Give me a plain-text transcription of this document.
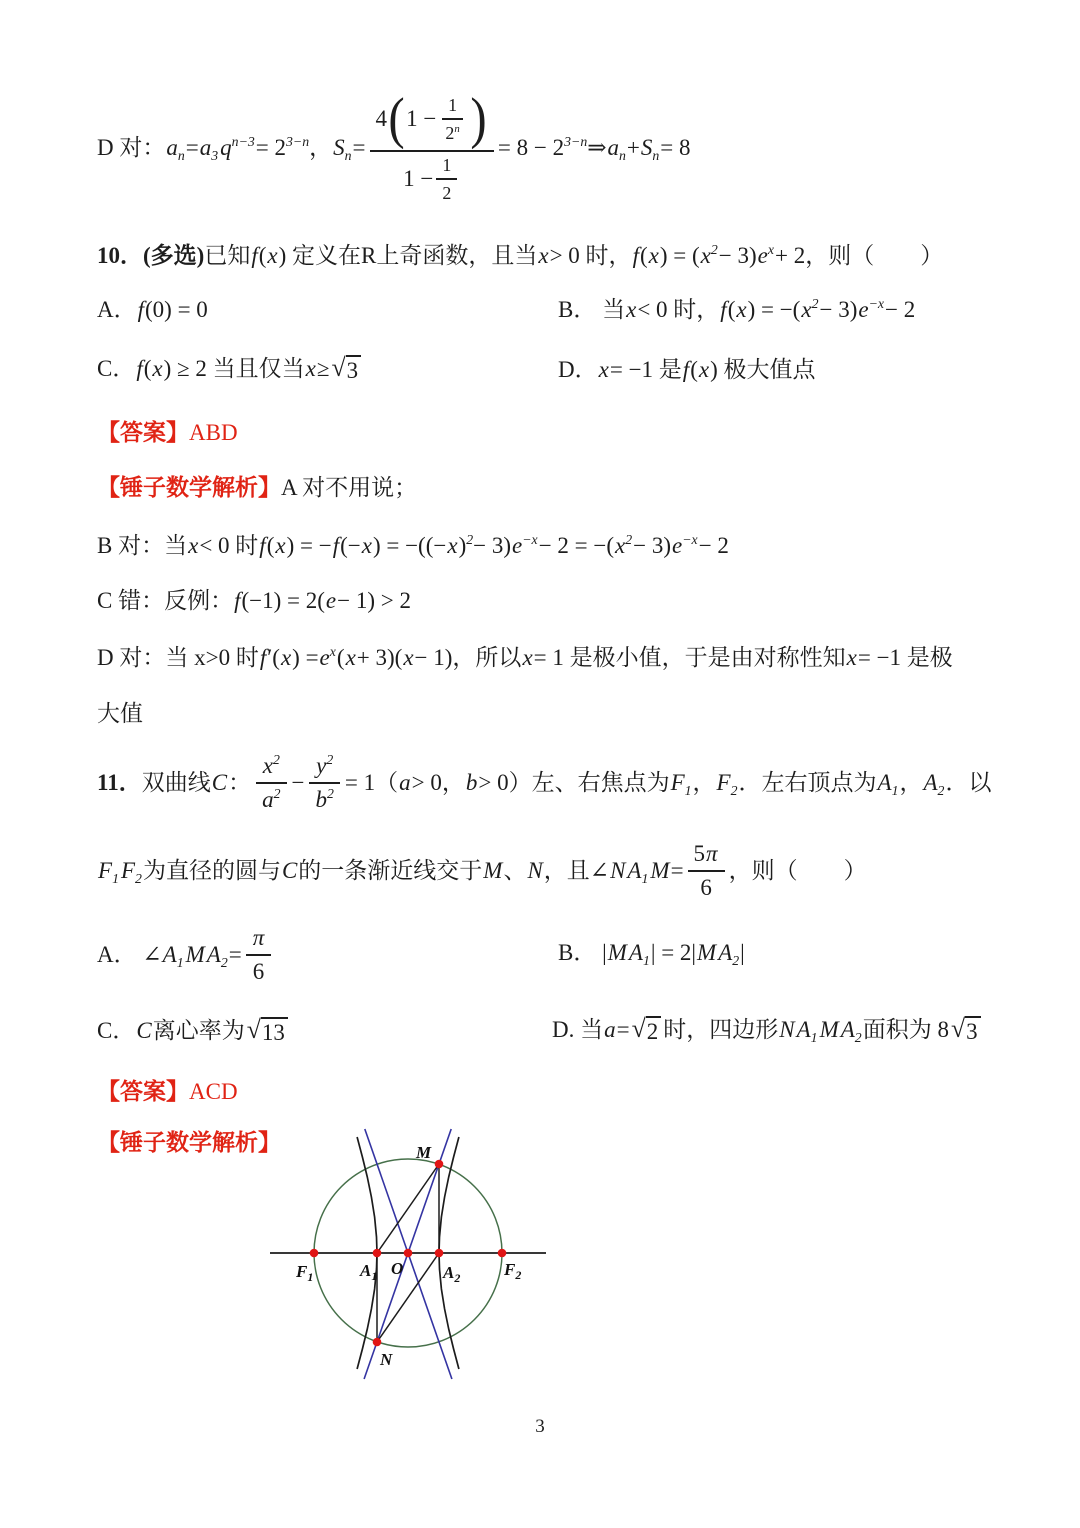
D 对： $a_n = a_3$ $q^{n-3} = 2^{3-n}$ ， $S_n = \frac{4 ( 1 - \frac{1}{2^n} )}{1 - \frac{1}{2}} = 8 - 2^{3-n}$ ⇒ $a_n + S_n = 8$
10．(多选) 已知 f ( x ) 定义在R上奇函数，且当 x > 0 时， f ( x ) = ( $x^2 - 3$) $e^x + 2$，则（　　）
A． f (0) = 0	B． 当 x < 0 时， f ( x ) = −( $x^2 - 3$) $e^{-x} - 2$
C． f ( x ) ≥ 2 当且仅当 x ≥ √ 3	D． x = −1 是 f ( x ) 极大值点
【答案】 ABD
【锤子数学解析】 A 对不用说；
B 对：当 x < 0 时 f ( x ) = − f (− x ) = −((− x )$^2$ − 3) $e^{-x} - 2$ = −( $x^2 - 3$) $e^{-x} - 2$
C 错：反例： f (−1) = 2( e − 1) > 2
D 对：当 x>0 时 f ′( x ) = $e^x$ ( x + 3)( x − 1)，所以 x = 1 是极小值，于是由对称性知 x = −1 是极
大值
11． 双曲线 C ： $\frac{x^2}{a^2} - \frac{y^2}{b^2} = 1$（ a > 0， b > 0）左、右焦点为 $F_1$ ， $F_2$ ．左右顶点为 $A_1$ ， $A_2$ ．以
$F_1$ $F_2$ 为直径的圆与 C 的一条渐近线交于 M 、 N ，且∠ N $A_1$ $M = \frac{5 \pi}{6}$ ，则（　　）
A． ∠ $A_1$ M $A_2 = \frac{\pi}{6}$	B． | M $A_1$ | = 2| M $A_2$ |
C． C 离心率为 √ 13	D. 当 a = √ 2 时，四边形 N $A_1$ M $A_2$ 面积为 8 √ 3
【答案】 ACD
【锤子数学解析】
$F_1$	$A_1$ O $A_2$	$F_2$
M
N
3
